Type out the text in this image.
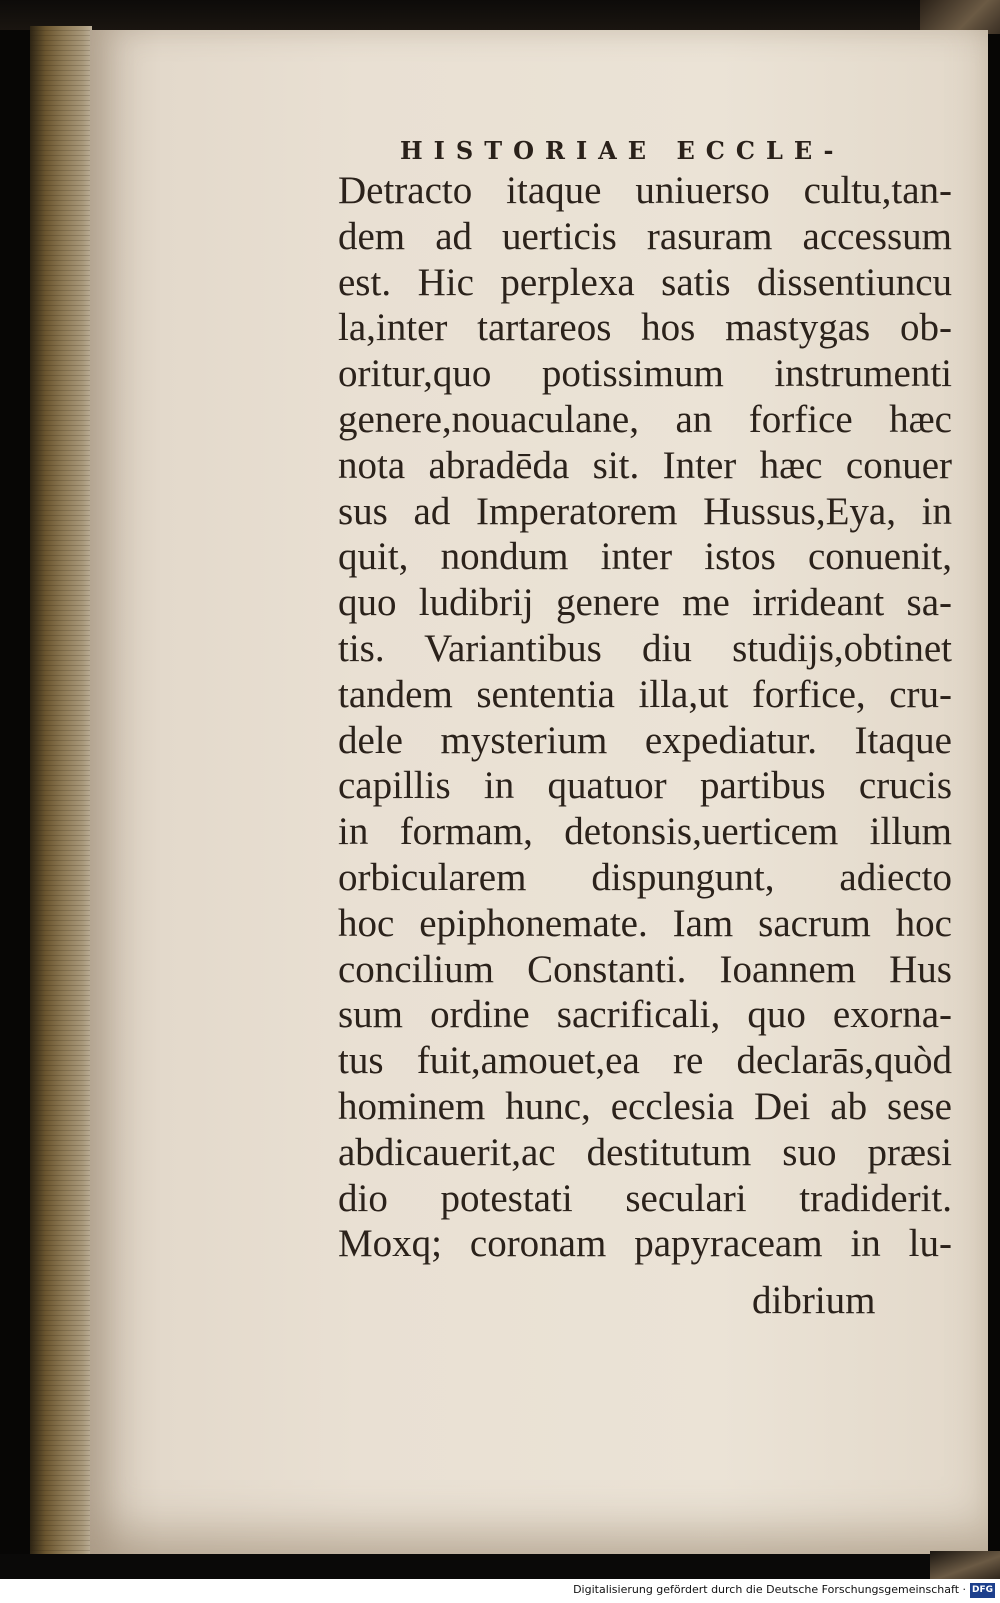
HISTORIAE ECCLE-
Detracto itaque uniuerso cultu,tan-
dem ad uerticis rasuram accessum
est. Hic perplexa satis dissentiuncu
la,inter tartareos hos mastygas ob-
oritur,quo potissimum instrumenti
genere,nouaculane, an forfice hæc
nota abradēda sit. Inter hæc conuer
sus ad Imperatorem Hussus,Eya, in
quit, nondum inter istos conuenit,
quo ludibrij genere me irrideant sa-
tis. Variantibus diu studijs,obtinet
tandem sententia illa,ut forfice, cru-
dele mysterium expediatur. Itaque
capillis in quatuor partibus crucis
in formam, detonsis,uerticem illum
orbicularem dispungunt, adiecto
hoc epiphonemate. Iam sacrum hoc
concilium Constanti. Ioannem Hus
sum ordine sacrificali, quo exorna-
tus fuit,amouet,ea re declarās,quòd
hominem hunc, ecclesia Dei ab sese
abdicauerit,ac destitutum suo præsi
dio potestati seculari tradiderit.
Moxq; coronam papyraceam in lu-
dibrium
Digitalisierung gefördert durch die Deutsche Forschungsgemeinschaft · DFG
